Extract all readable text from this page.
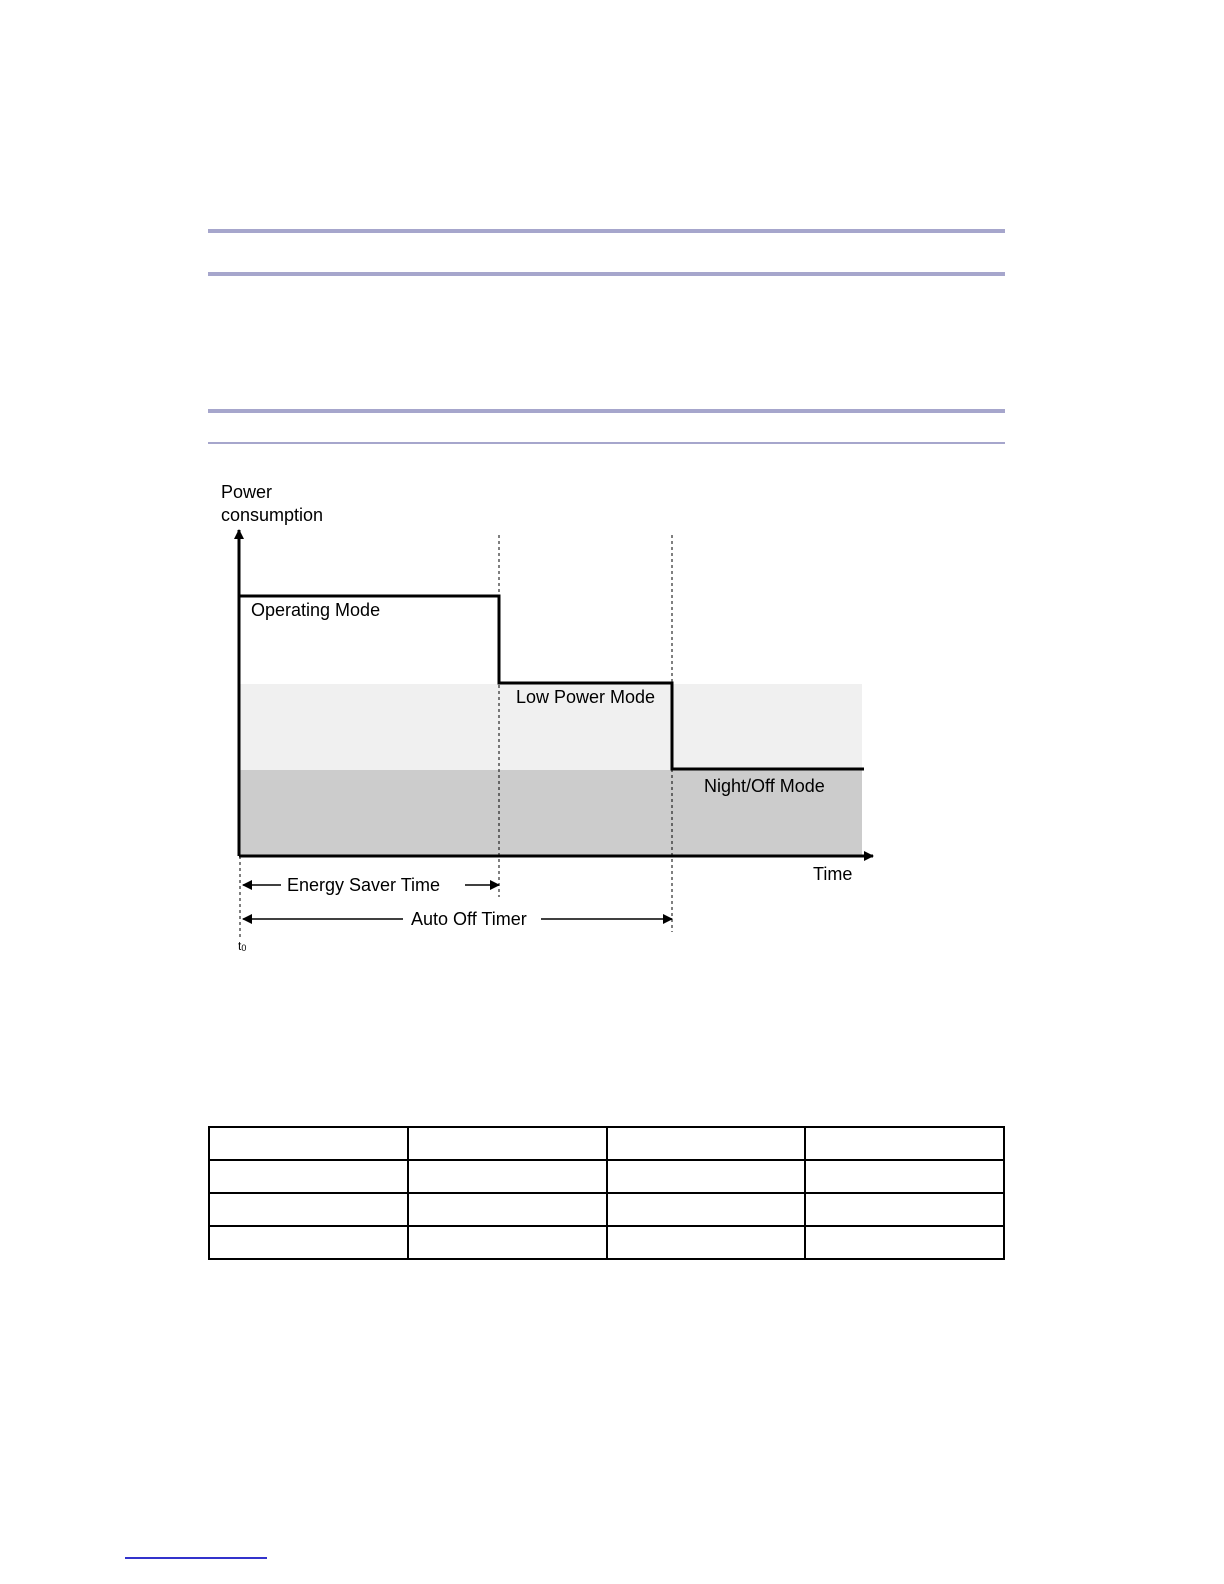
Power
consumption
Time
Operating Mode
Low Power Mode
Night/Off Mode
Energy Saver Time
Auto Off Timer
t0
